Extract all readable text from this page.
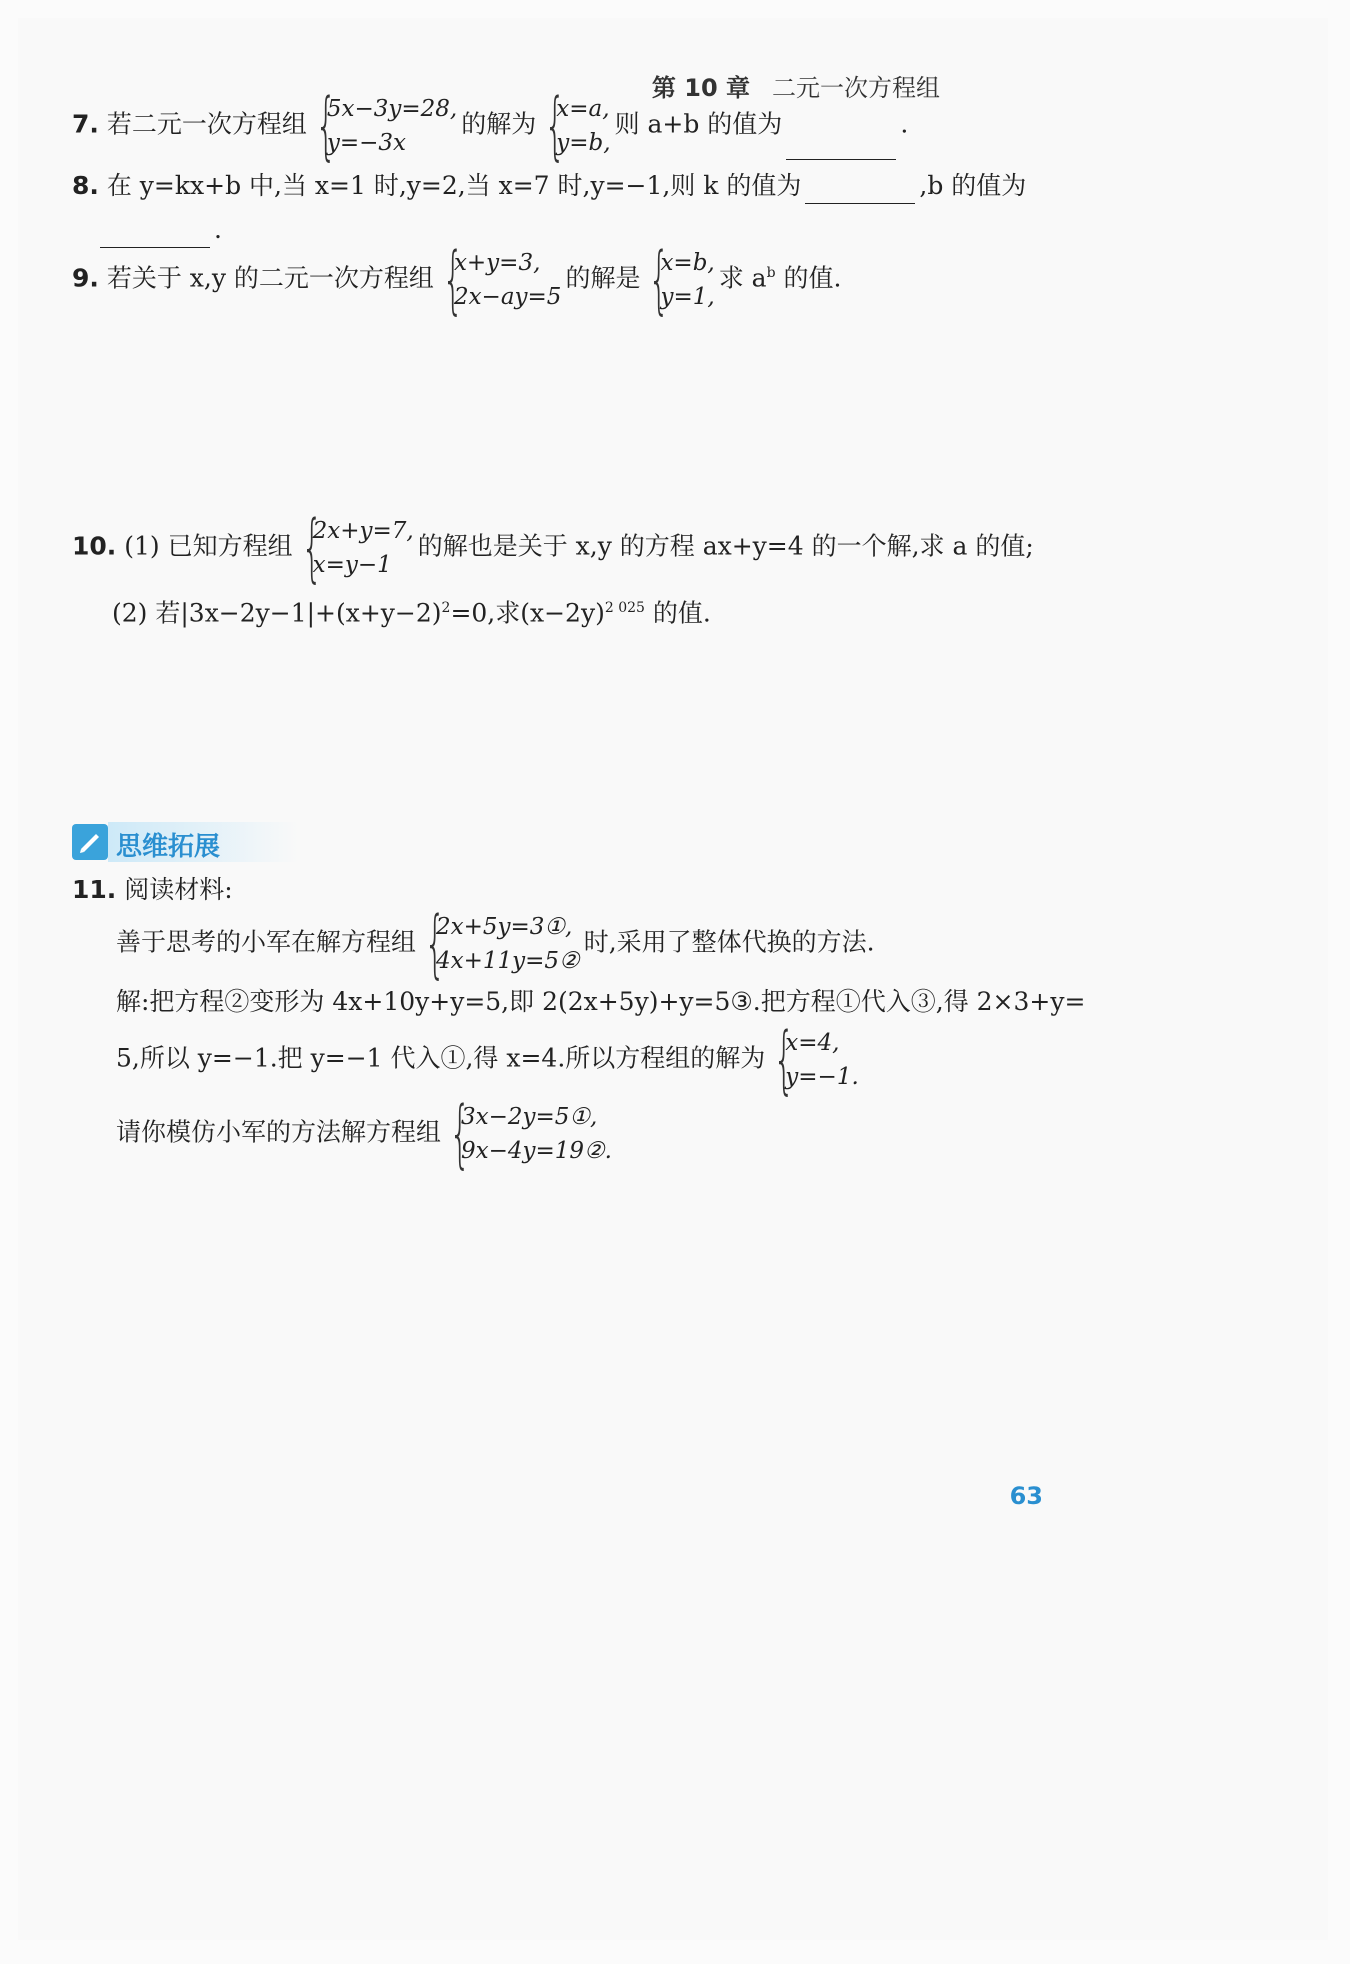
第 10 章 二元一次方程组
7. 若二元一次方程组 {
5x−3y=28,
y=−3x
的解为 {
x=a,
y=b,
则 a+b 的值为	.
8. 在 y=kx+b 中,当 x=1 时,y=2,当 x=7 时,y=−1,则 k 的值为	,b 的值为
.
9. 若关于 x,y 的二元一次方程组 {
x+y=3,
2x−ay=5
的解是 {
x=b,
y=1,
求 $a^b$ 的值.
10. (1) 已知方程组 {
2x+y=7,
x=y−1
的解也是关于 x,y 的方程 ax+y=4 的一个解,求 a 的值;
(2) 若$|3x-2y-1|+(x+y-2)^2=0$,求$(x-2y)^{2 025}$ 的值.
思维拓展
11. 阅读材料:
善于思考的小军在解方程组 {
2x+5y=3①,
4x+11y=5②
时,采用了整体代换的方法.
解:把方程②变形为 4x+10y+y=5,即 2(2x+5y)+y=5③.把方程①代入③,得 2×3+y=
5,所以 y=−1.把 y=−1 代入①,得 x=4.所以方程组的解为 {
x=4,
y=−1.
请你模仿小军的方法解方程组 {
3x−2y=5①,
9x−4y=19②.
63
